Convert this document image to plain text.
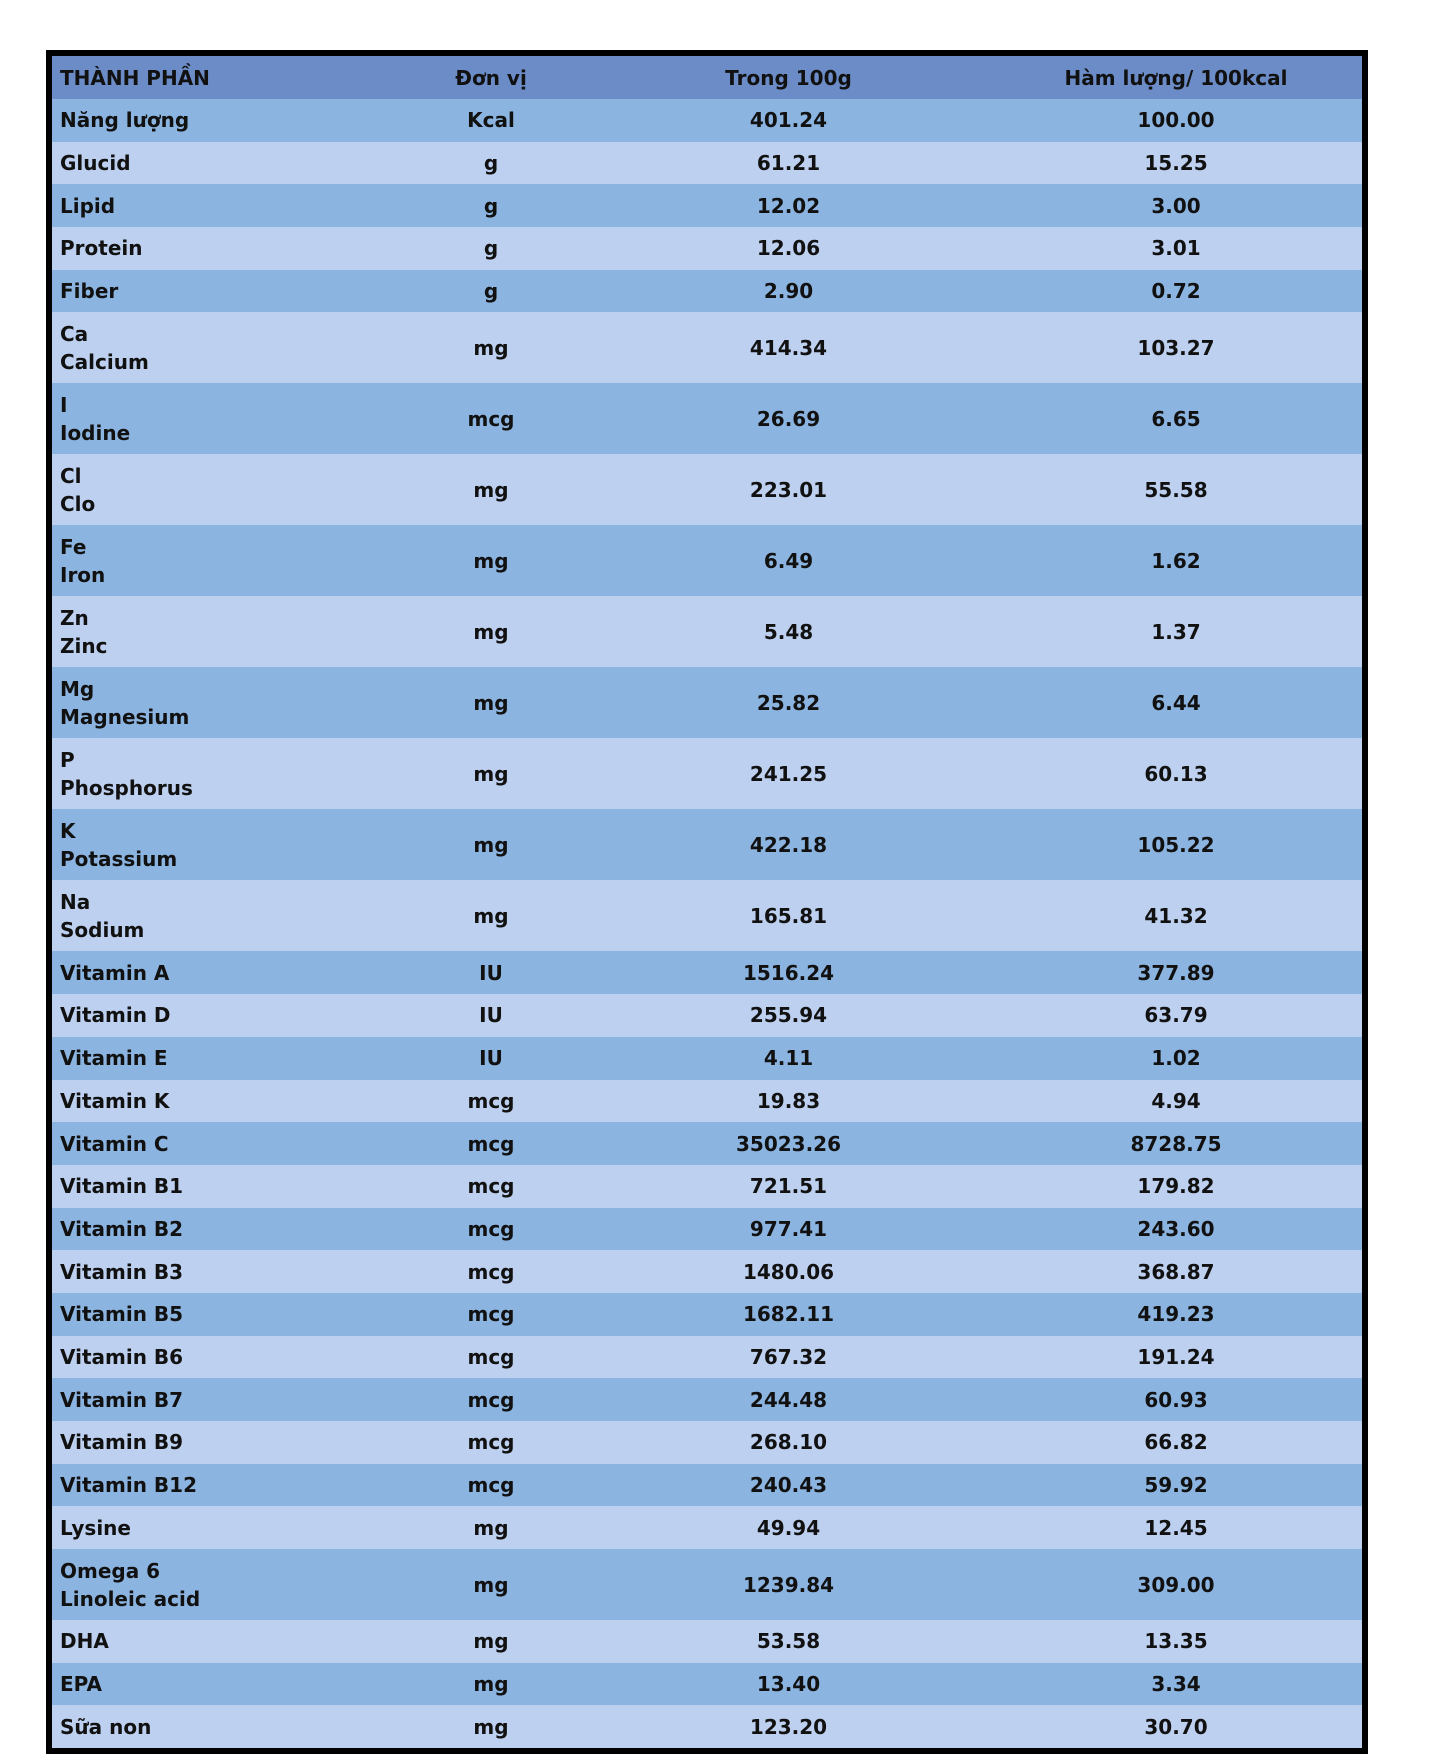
THÀNH PHẦN	Đơn vị	Trong 100g	Hàm lượng/ 100kcal
Năng lượng	Kcal	401.24	100.00
Glucid	g	61.21	15.25
Lipid	g	12.02	3.00
Protein	g	12.06	3.01
Fiber	g	2.90	0.72
Ca
Calcium	mg	414.34	103.27
I
Iodine	mcg	26.69	6.65
Cl
Clo	mg	223.01	55.58
Fe
Iron	mg	6.49	1.62
Zn
Zinc	mg	5.48	1.37
Mg
Magnesium	mg	25.82	6.44
P
Phosphorus	mg	241.25	60.13
K
Potassium	mg	422.18	105.22
Na
Sodium	mg	165.81	41.32
Vitamin A	IU	1516.24	377.89
Vitamin D	IU	255.94	63.79
Vitamin E	IU	4.11	1.02
Vitamin K	mcg	19.83	4.94
Vitamin C	mcg	35023.26	8728.75
Vitamin B1	mcg	721.51	179.82
Vitamin B2	mcg	977.41	243.60
Vitamin B3	mcg	1480.06	368.87
Vitamin B5	mcg	1682.11	419.23
Vitamin B6	mcg	767.32	191.24
Vitamin B7	mcg	244.48	60.93
Vitamin B9	mcg	268.10	66.82
Vitamin B12	mcg	240.43	59.92
Lysine	mg	49.94	12.45
Omega 6
Linoleic acid	mg	1239.84	309.00
DHA	mg	53.58	13.35
EPA	mg	13.40	3.34
Sữa non	mg	123.20	30.70
